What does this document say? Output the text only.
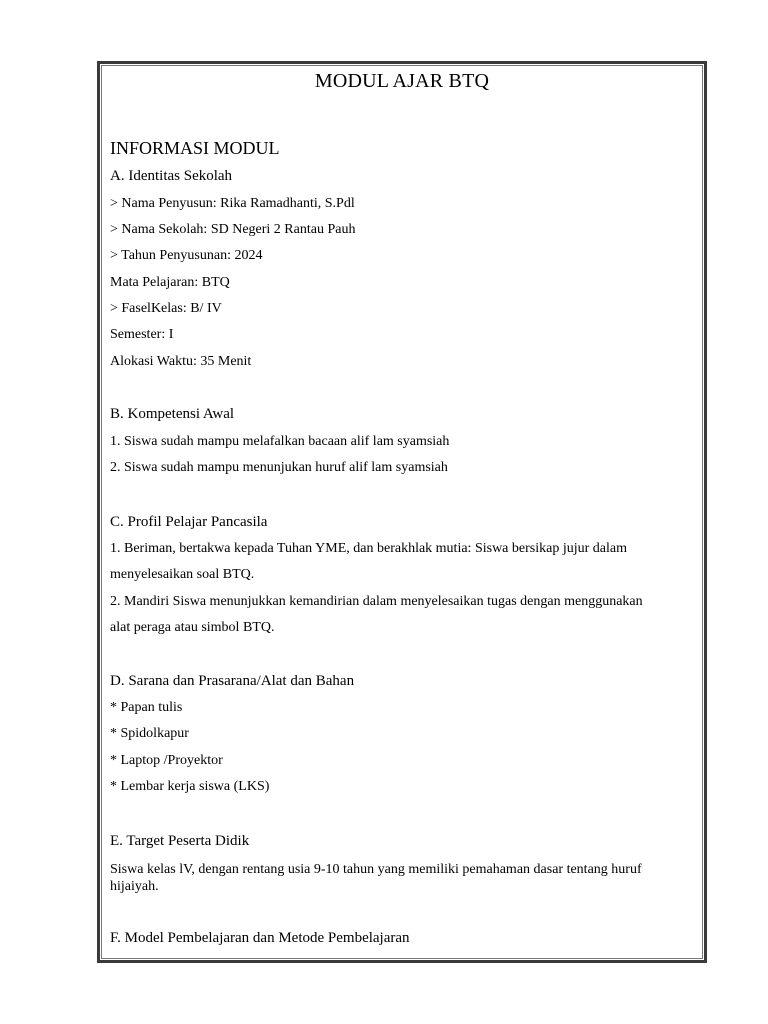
MODUL AJAR BTQ
INFORMASI MODUL
A. Identitas Sekolah
> Nama Penyusun: Rika Ramadhanti, S.Pdl
> Nama Sekolah: SD Negeri 2 Rantau Pauh
> Tahun Penyusunan: 2024
Mata Pelajaran: BTQ
> FaselKelas: B/ IV
Semester: I
Alokasi Waktu: 35 Menit
B. Kompetensi Awal
1. Siswa sudah mampu melafalkan bacaan alif lam syamsiah
2. Siswa sudah mampu menunjukan huruf alif lam syamsiah
C. Profil Pelajar Pancasila
1. Beriman, bertakwa kepada Tuhan YME, dan berakhlak mutia: Siswa bersikap jujur dalam
menyelesaikan soal BTQ.
2. Mandiri Siswa menunjukkan kemandirian dalam menyelesaikan tugas dengan menggunakan
alat peraga atau simbol BTQ.
D. Sarana dan Prasarana/Alat dan Bahan
* Papan tulis
* Spidolkapur
* Laptop /Proyektor
* Lembar kerja siswa (LKS)
E. Target Peserta Didik
Siswa kelas lV, dengan rentang usia 9-10 tahun yang memiliki pemahaman dasar tentang huruf hijaiyah.
F. Model Pembelajaran dan Metode Pembelajaran
